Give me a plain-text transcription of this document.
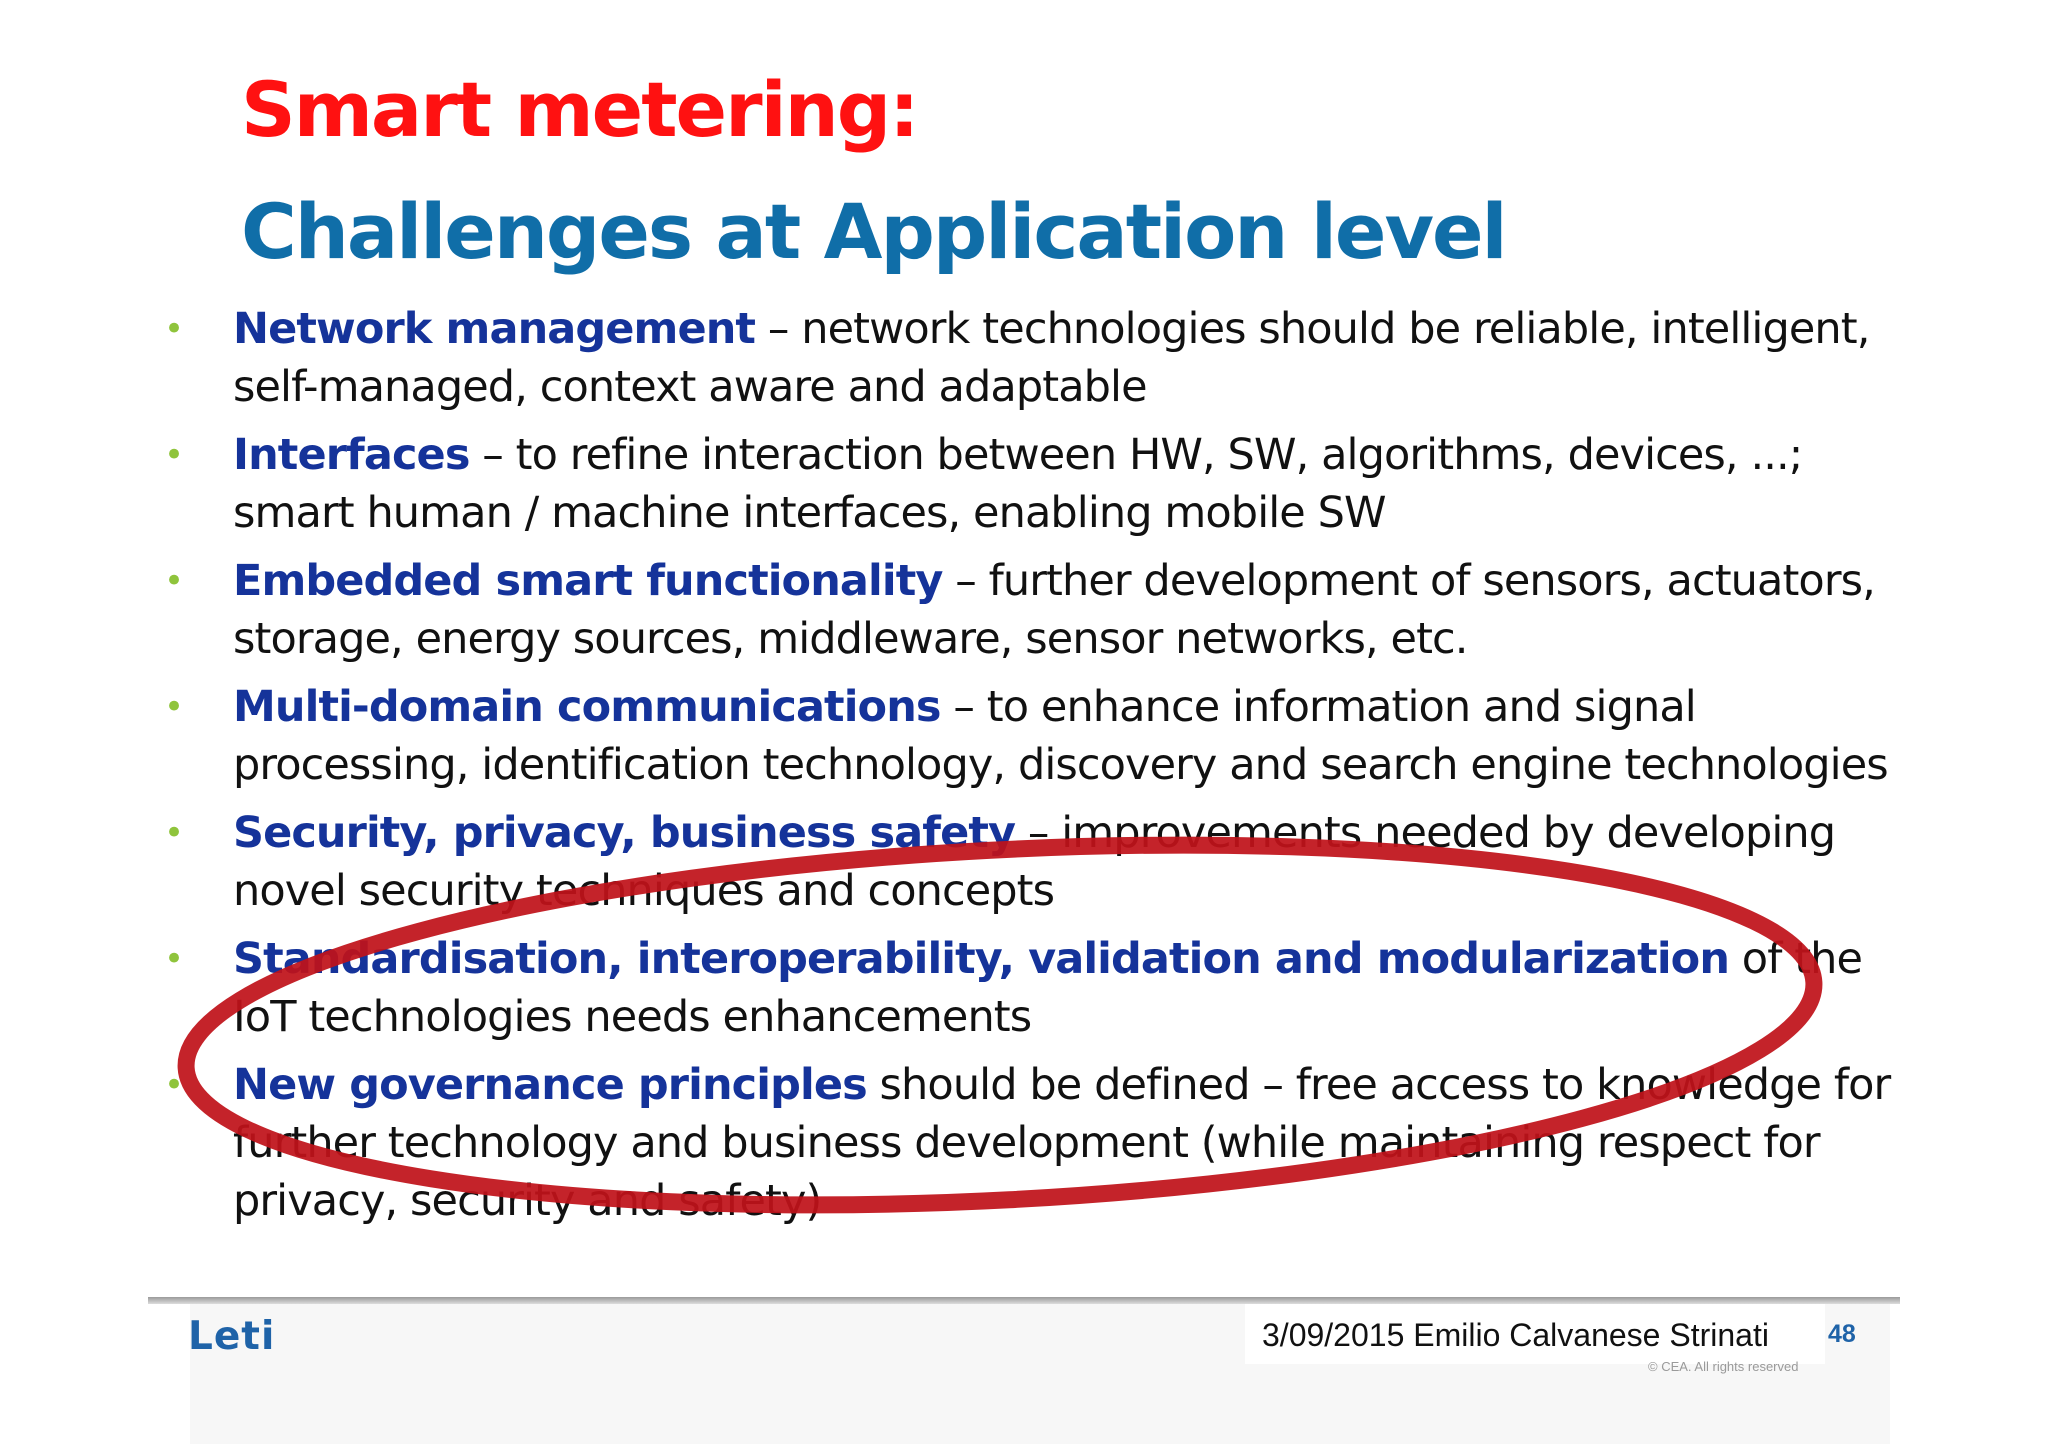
Smart metering:
Challenges at Application level
• Network management – network technologies should be reliable, intelligent, self-managed, context aware and adaptable
• Interfaces – to refine interaction between HW, SW, algorithms, devices, ...; smart human / machine interfaces, enabling mobile SW
• Embedded smart functionality – further development of sensors, actuators, storage, energy sources, middleware, sensor networks, etc.
• Multi-domain communications – to enhance information and signal processing, identification technology, discovery and search engine technologies
• Security, privacy, business safety – improvements needed by developing novel security techniques and concepts
• Standardisation, interoperability, validation and modularization of the IoT technologies needs enhancements
• New governance principles should be defined – free access to knowledge for further technology and business development (while maintaining respect for privacy, security and safety)
Leti	3/09/2015 Emilio Calvanese Strinati 48
© CEA. All rights reserved
